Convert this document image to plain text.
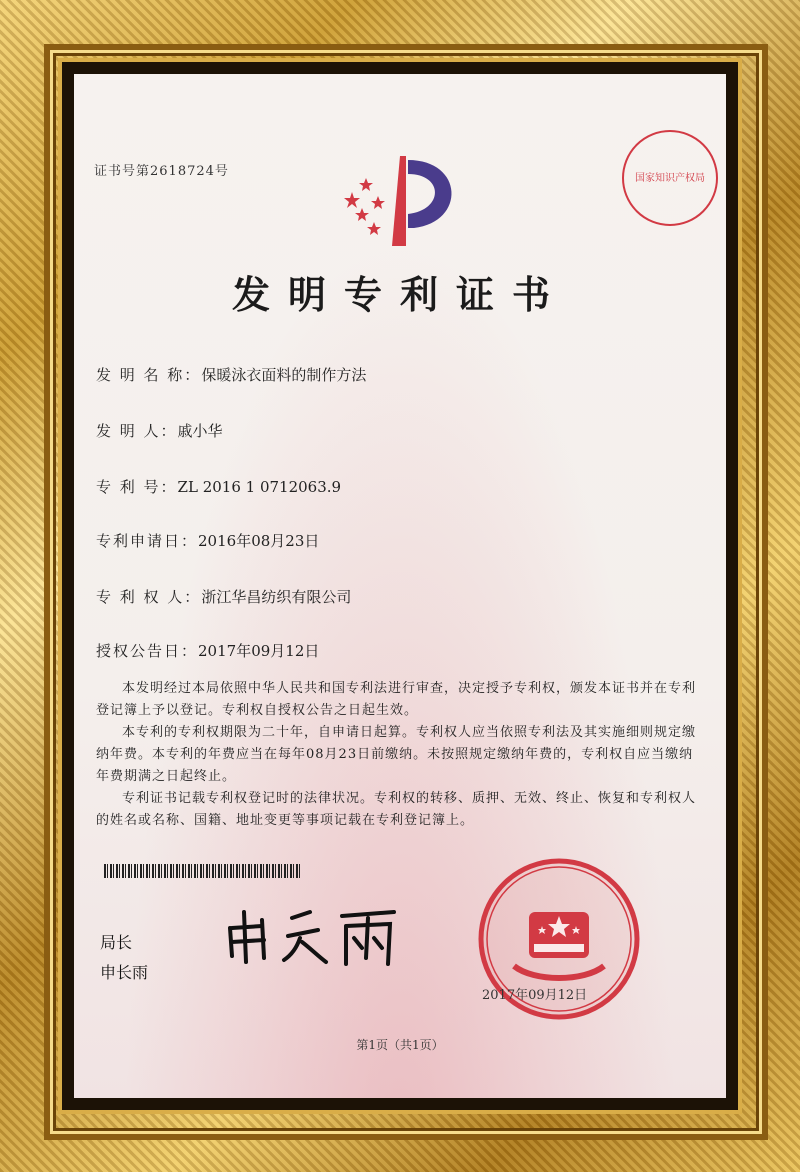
证书号第2618724号	国家知识产权局
发明专利证书
发 明 名 称：保暖泳衣面料的制作方法
发 明 人：戚小华
专 利 号：ZL 2016 1 0712063.9
专利申请日：2016年08月23日
专 利 权 人：浙江华昌纺织有限公司
授权公告日：2017年09月12日

本发明经过本局依照中华人民共和国专利法进行审查，决定授予专利权，颁发本证书并在专利登记簿上予以登记。专利权自授权公告之日起生效。

本专利的专利权期限为二十年，自申请日起算。专利权人应当依照专利法及其实施细则规定缴纳年费。本专利的年费应当在每年08月23日前缴纳。未按照规定缴纳年费的，专利权自应当缴纳年费期满之日起终止。

专利证书记载专利权登记时的法律状况。专利权的转移、质押、无效、终止、恢复和专利权人的姓名或名称、国籍、地址变更等事项记载在专利登记簿上。

局长
申长雨
2017年09月12日
第1页（共1页）
